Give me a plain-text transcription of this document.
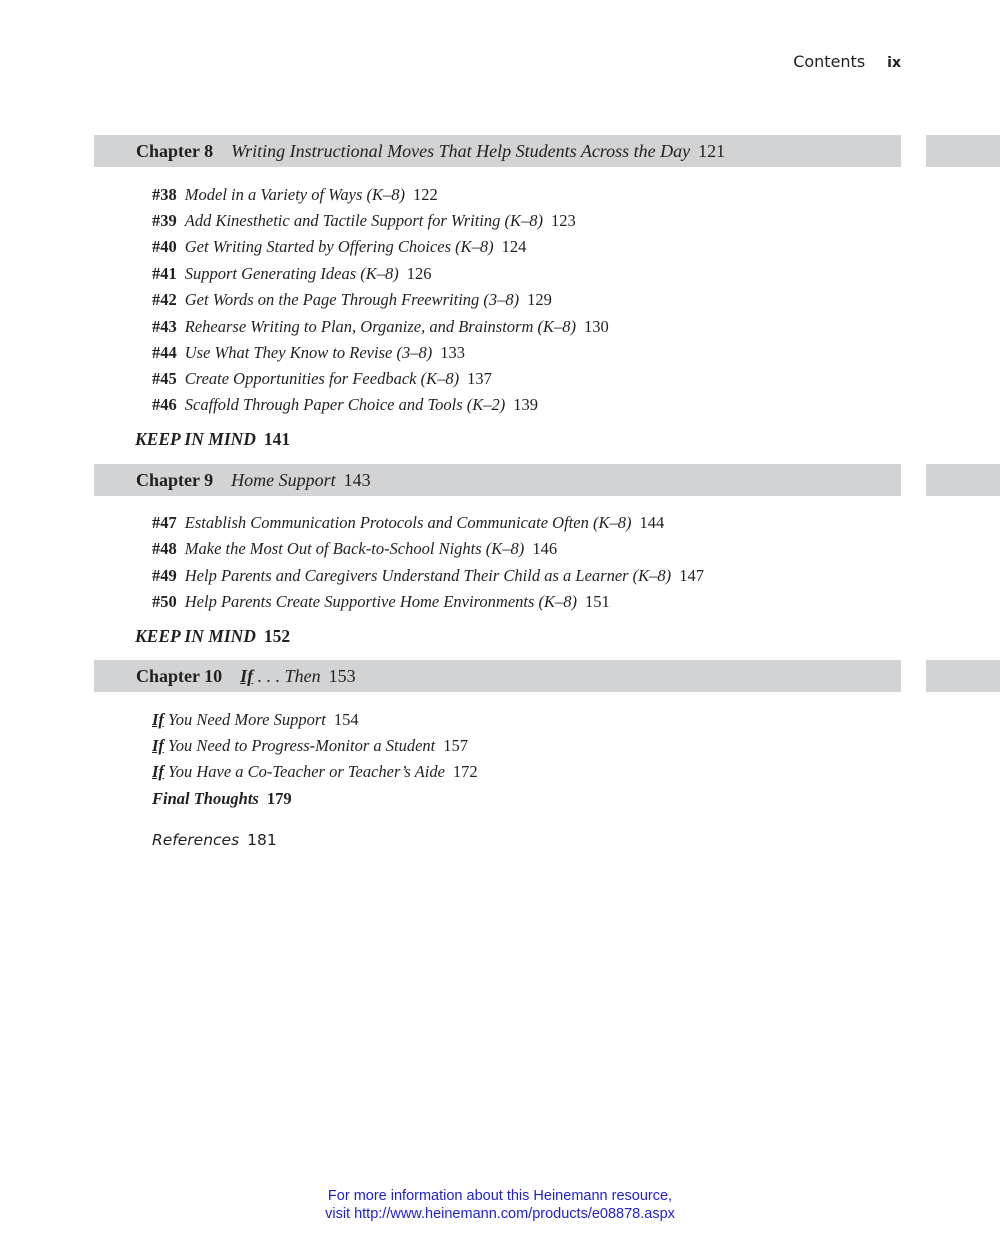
Contents ix
Chapter 8 Writing Instructional Moves That Help Students Across the Day 121
#38 Model in a Variety of Ways (K–8) 122
#39 Add Kinesthetic and Tactile Support for Writing (K–8) 123
#40 Get Writing Started by Offering Choices (K–8) 124
#41 Support Generating Ideas (K–8) 126
#42 Get Words on the Page Through Freewriting (3–8) 129
#43 Rehearse Writing to Plan, Organize, and Brainstorm (K–8) 130
#44 Use What They Know to Revise (3–8) 133
#45 Create Opportunities for Feedback (K–8) 137
#46 Scaffold Through Paper Choice and Tools (K–2) 139
KEEP IN MIND 141
Chapter 9 Home Support 143
#47 Establish Communication Protocols and Communicate Often (K–8) 144
#48 Make the Most Out of Back-to-School Nights (K–8) 146
#49 Help Parents and Caregivers Understand Their Child as a Learner (K–8) 147
#50 Help Parents Create Supportive Home Environments (K–8) 151
KEEP IN MIND 152
Chapter 10 If . . . Then 153
If You Need More Support 154
If You Need to Progress-Monitor a Student 157
If You Have a Co-Teacher or Teacher’s Aide 172
Final Thoughts 179
References 181
For more information about this Heinemann resource,
visit http://www.heinemann.com/products/e08878.aspx
